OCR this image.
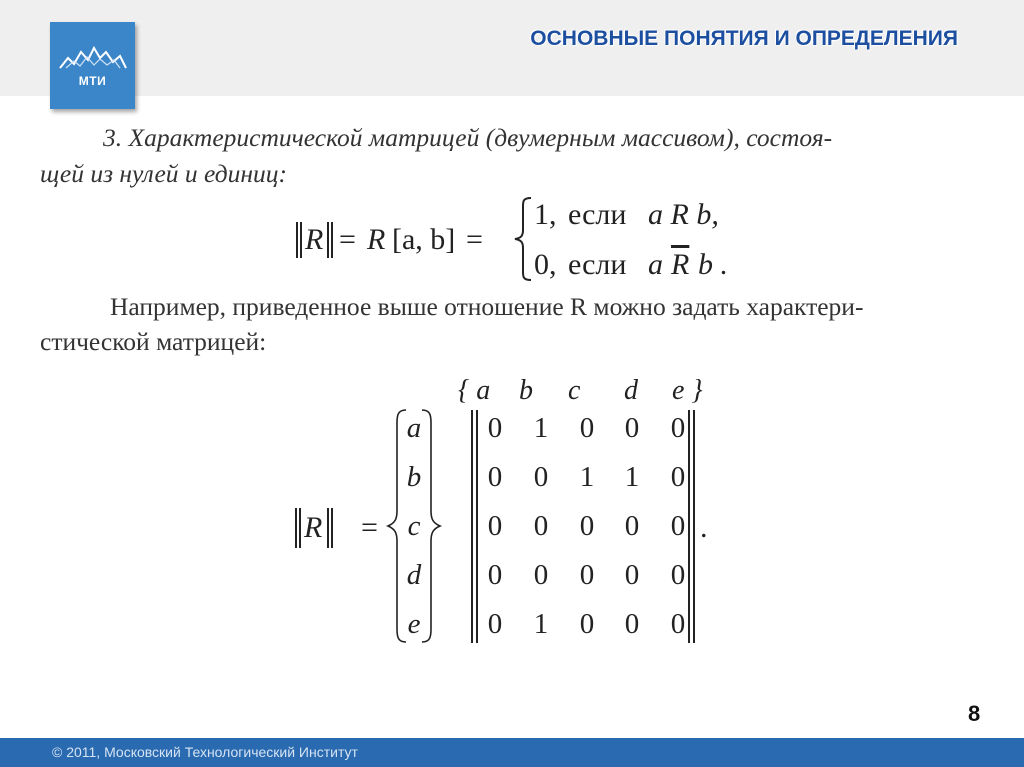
МТИ
ОСНОВНЫЕ ПОНЯТИЯ И ОПРЕДЕЛЕНИЯ

3. Характеристической матрицей (двумерным массивом), состоя-

щей из нулей и единиц:

‖ R ‖ = R [a, b] =
1, если a R b,
0, если a $\overline{R}$ b .

Например, приведенное выше отношение R можно задать характери-

стической матрицей:

{ a b c d e }
‖ R ‖ =
a
b
c
d
e
0 1 0 0 0
0 0 1 1 0
0 0 0 0 0
0 0 0 0 0
0 1 0 0 0
.
8
© 2011, Московский Технологический Институт
